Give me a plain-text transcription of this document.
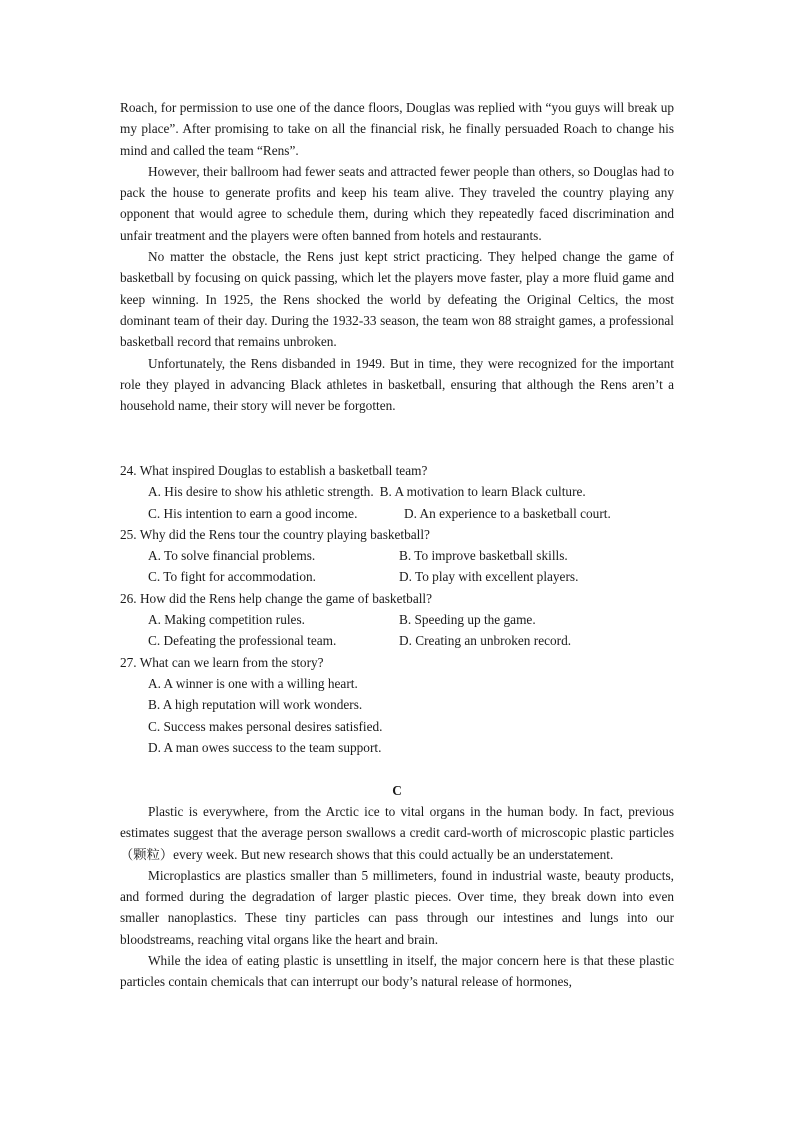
Roach, for permission to use one of the dance floors, Douglas was replied with “you guys will break up my place”. After promising to take on all the financial risk, he finally persuaded Roach to change his mind and called the team “Rens”.

However, their ballroom had fewer seats and attracted fewer people than others, so Douglas had to pack the house to generate profits and keep his team alive. They traveled the country playing any opponent that would agree to schedule them, during which they repeatedly faced discrimination and unfair treatment and the players were often banned from hotels and restaurants.

No matter the obstacle, the Rens just kept strict practicing. They helped change the game of basketball by focusing on quick passing, which let the players move faster, play a more fluid game and keep winning. In 1925, the Rens shocked the world by defeating the Original Celtics, the most dominant team of their day. During the 1932-33 season, the team won 88 straight games, a professional basketball record that remains unbroken.

Unfortunately, the Rens disbanded in 1949. But in time, they were recognized for the important role they played in advancing Black athletes in basketball, ensuring that although the Rens aren’t a household name, their story will never be forgotten.

24. What inspired Douglas to establish a basketball team?
A. His desire to show his athletic strength. B. A motivation to learn Black culture.
C. His intention to earn a good income.	D. An experience to a basketball court.
25. Why did the Rens tour the country playing basketball?
A. To solve financial problems.	B. To improve basketball skills.
C. To fight for accommodation.	D. To play with excellent players.
26. How did the Rens help change the game of basketball?
A. Making competition rules.	B. Speeding up the game.
C. Defeating the professional team.	D. Creating an unbroken record.
27. What can we learn from the story?
A. A winner is one with a willing heart.
B. A high reputation will work wonders.
C. Success makes personal desires satisfied.
D. A man owes success to the team support.
C

Plastic is everywhere, from the Arctic ice to vital organs in the human body. In fact, previous estimates suggest that the average person swallows a credit card-worth of microscopic plastic particles（颗粒）every week. But new research shows that this could actually be an understatement.

Microplastics are plastics smaller than 5 millimeters, found in industrial waste, beauty products, and formed during the degradation of larger plastic pieces. Over time, they break down into even smaller nanoplastics. These tiny particles can pass through our intestines and lungs into our bloodstreams, reaching vital organs like the heart and brain.

While the idea of eating plastic is unsettling in itself, the major concern here is that these plastic particles contain chemicals that can interrupt our body’s natural release of hormones,
